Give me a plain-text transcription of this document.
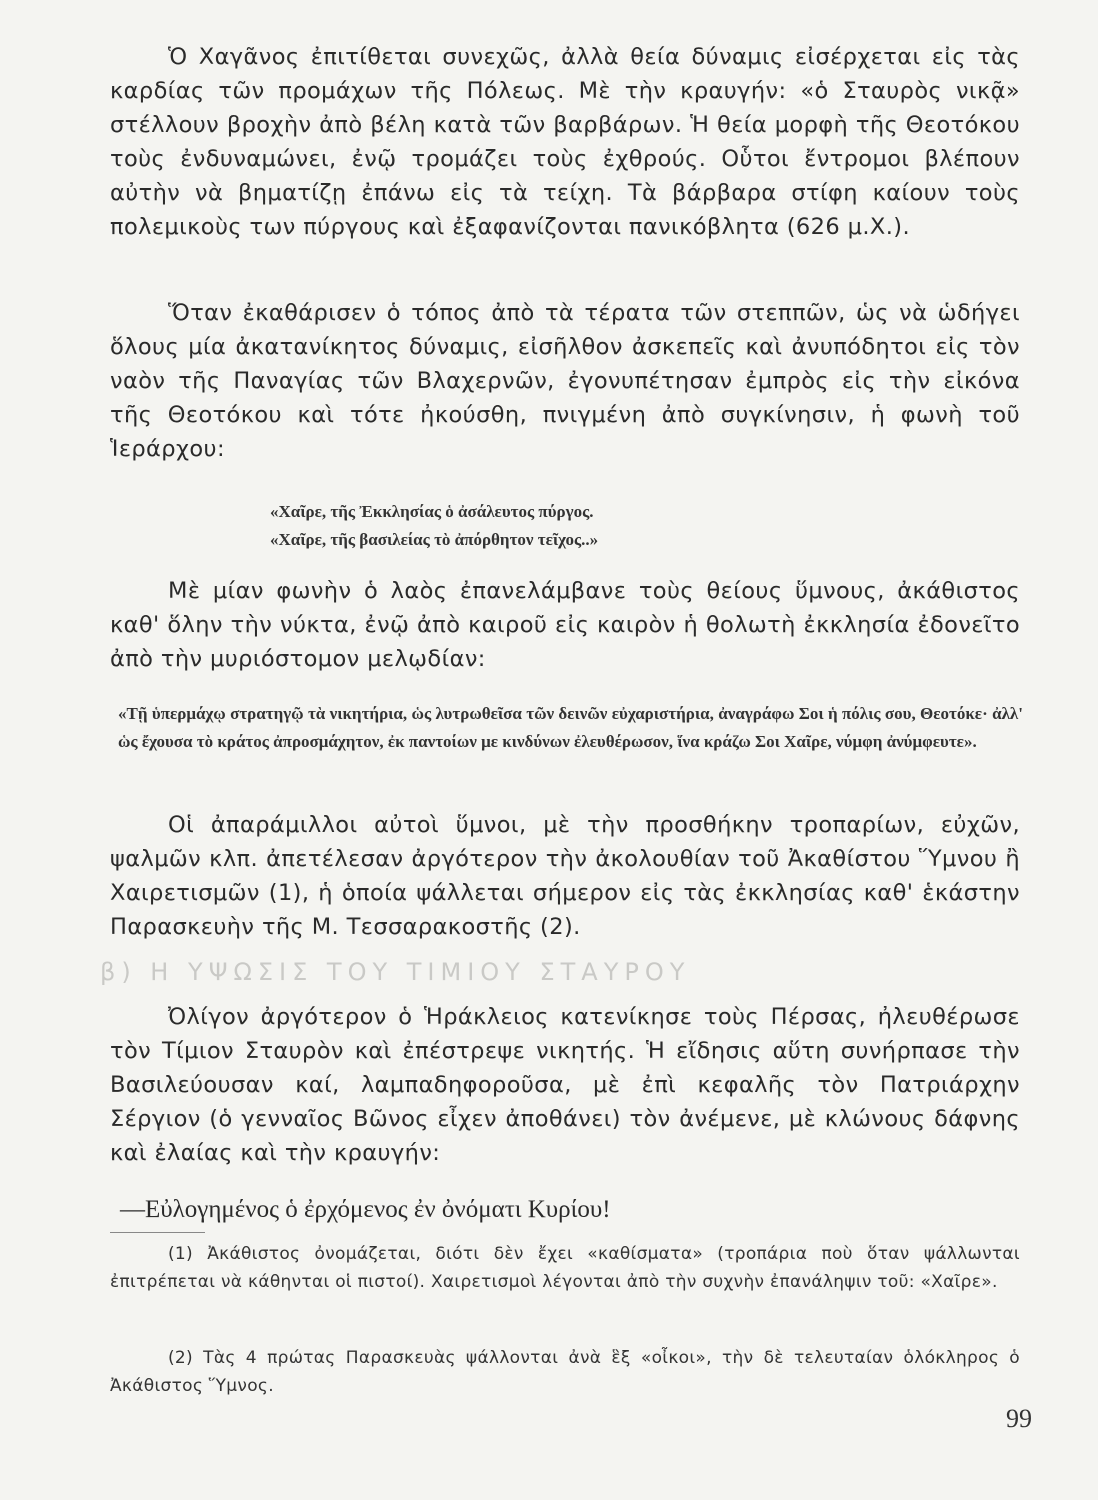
Ὁ Χαγᾶνος ἐπιτίθεται συνεχῶς, ἀλλὰ θεία δύναμις εἰσέρχεται εἰς τὰς καρδίας τῶν προμάχων τῆς Πόλεως. Μὲ τὴν κραυγήν: «ὁ Σταυρὸς νικᾷ» στέλλουν βροχὴν ἀπὸ βέλη κατὰ τῶν βαρβάρων. Ἡ θεία μορφὴ τῆς Θεοτόκου τοὺς ἐνδυναμώνει, ἐνῷ τρομάζει τοὺς ἐχθρούς. Οὗτοι ἔντρομοι βλέπουν αὐτὴν νὰ βηματίζῃ ἐπάνω εἰς τὰ τείχη. Τὰ βάρβαρα στίφη καίουν τοὺς πολεμικοὺς των πύργους καὶ ἐξαφανίζονται πανικόβλητα (626 μ.Χ.).

Ὅταν ἐκαθάρισεν ὁ τόπος ἀπὸ τὰ τέρατα τῶν στεππῶν, ὡς νὰ ὡδήγει ὅλους μία ἀκατανίκητος δύναμις, εἰσῆλθον ἀσκεπεῖς καὶ ἀνυπόδητοι εἰς τὸν ναὸν τῆς Παναγίας τῶν Βλαχερνῶν, ἐγονυπέτησαν ἐμπρὸς εἰς τὴν εἰκόνα τῆς Θεοτόκου καὶ τότε ἠκούσθη, πνιγμένη ἀπὸ συγκίνησιν, ἡ φωνὴ τοῦ Ἱεράρχου:

«Χαῖρε, τῆς Ἐκκλησίας ὁ ἀσάλευτος πύργος.
«Χαῖρε, τῆς βασιλείας τὸ ἀπόρθητον τεῖχος..»

Μὲ μίαν φωνὴν ὁ λαὸς ἐπανελάμβανε τοὺς θείους ὕμνους, ἀκάθιστος καθ' ὅλην τὴν νύκτα, ἐνῷ ἀπὸ καιροῦ εἰς καιρὸν ἡ θολωτὴ ἐκκλησία ἐδονεῖτο ἀπὸ τὴν μυριόστομον μελῳδίαν:

«Τῇ ὑπερμάχῳ στρατηγῷ τὰ νικητήρια, ὡς λυτρωθεῖσα τῶν δεινῶν εὐχαριστήρια, ἀναγράφω Σοι ἡ πόλις σου, Θεοτόκε· ἀλλ' ὡς ἔχουσα τὸ κράτος ἀπροσμάχητον, ἐκ παντοίων με κινδύνων ἐλευθέρωσον, ἵνα κράζω Σοι Χαῖρε, νύμφη ἀνύμφευτε».

Οἱ ἀπαράμιλλοι αὐτοὶ ὕμνοι, μὲ τὴν προσθήκην τροπαρίων, εὐχῶν, ψαλμῶν κλπ. ἀπετέλεσαν ἀργότερον τὴν ἀκολουθίαν τοῦ Ἀκαθίστου Ὕμνου ἢ Χαιρετισμῶν (1), ἡ ὁποία ψάλλεται σήμερον εἰς τὰς ἐκκλησίας καθ' ἑκάστην Παρασκευὴν τῆς Μ. Τεσσαρακοστῆς (2).

β) Η ΥΨΩΣΙΣ ΤΟΥ ΤΙΜΙΟΥ ΣΤΑΥΡΟΥ

Ὀλίγον ἀργότερον ὁ Ἡράκλειος κατενίκησε τοὺς Πέρσας, ἠλευθέρωσε τὸν Τίμιον Σταυρὸν καὶ ἐπέστρεψε νικητής. Ἡ εἴδησις αὕτη συνήρπασε τὴν Βασιλεύουσαν καί, λαμπαδηφοροῦσα, μὲ ἐπὶ κεφαλῆς τὸν Πατριάρχην Σέργιον (ὁ γενναῖος Βῶνος εἶχεν ἀποθάνει) τὸν ἀνέμενε, μὲ κλώνους δάφνης καὶ ἐλαίας καὶ τὴν κραυγήν:

—Εὐλογημένος ὁ ἐρχόμενος ἐν ὀνόματι Κυρίου!

(1) Ἀκάθιστος ὀνομάζεται, διότι δὲν ἔχει «καθίσματα» (τροπάρια ποὺ ὅταν ψάλλωνται ἐπιτρέπεται νὰ κάθηνται οἱ πιστοί). Χαιρετισμοὶ λέγονται ἀπὸ τὴν συχνὴν ἐπανάληψιν τοῦ: «Χαῖρε».

(2) Τὰς 4 πρώτας Παρασκευὰς ψάλλονται ἀνὰ ἓξ «οἶκοι», τὴν δὲ τελευταίαν ὁλόκληρος ὁ Ἀκάθιστος Ὕμνος.

99
